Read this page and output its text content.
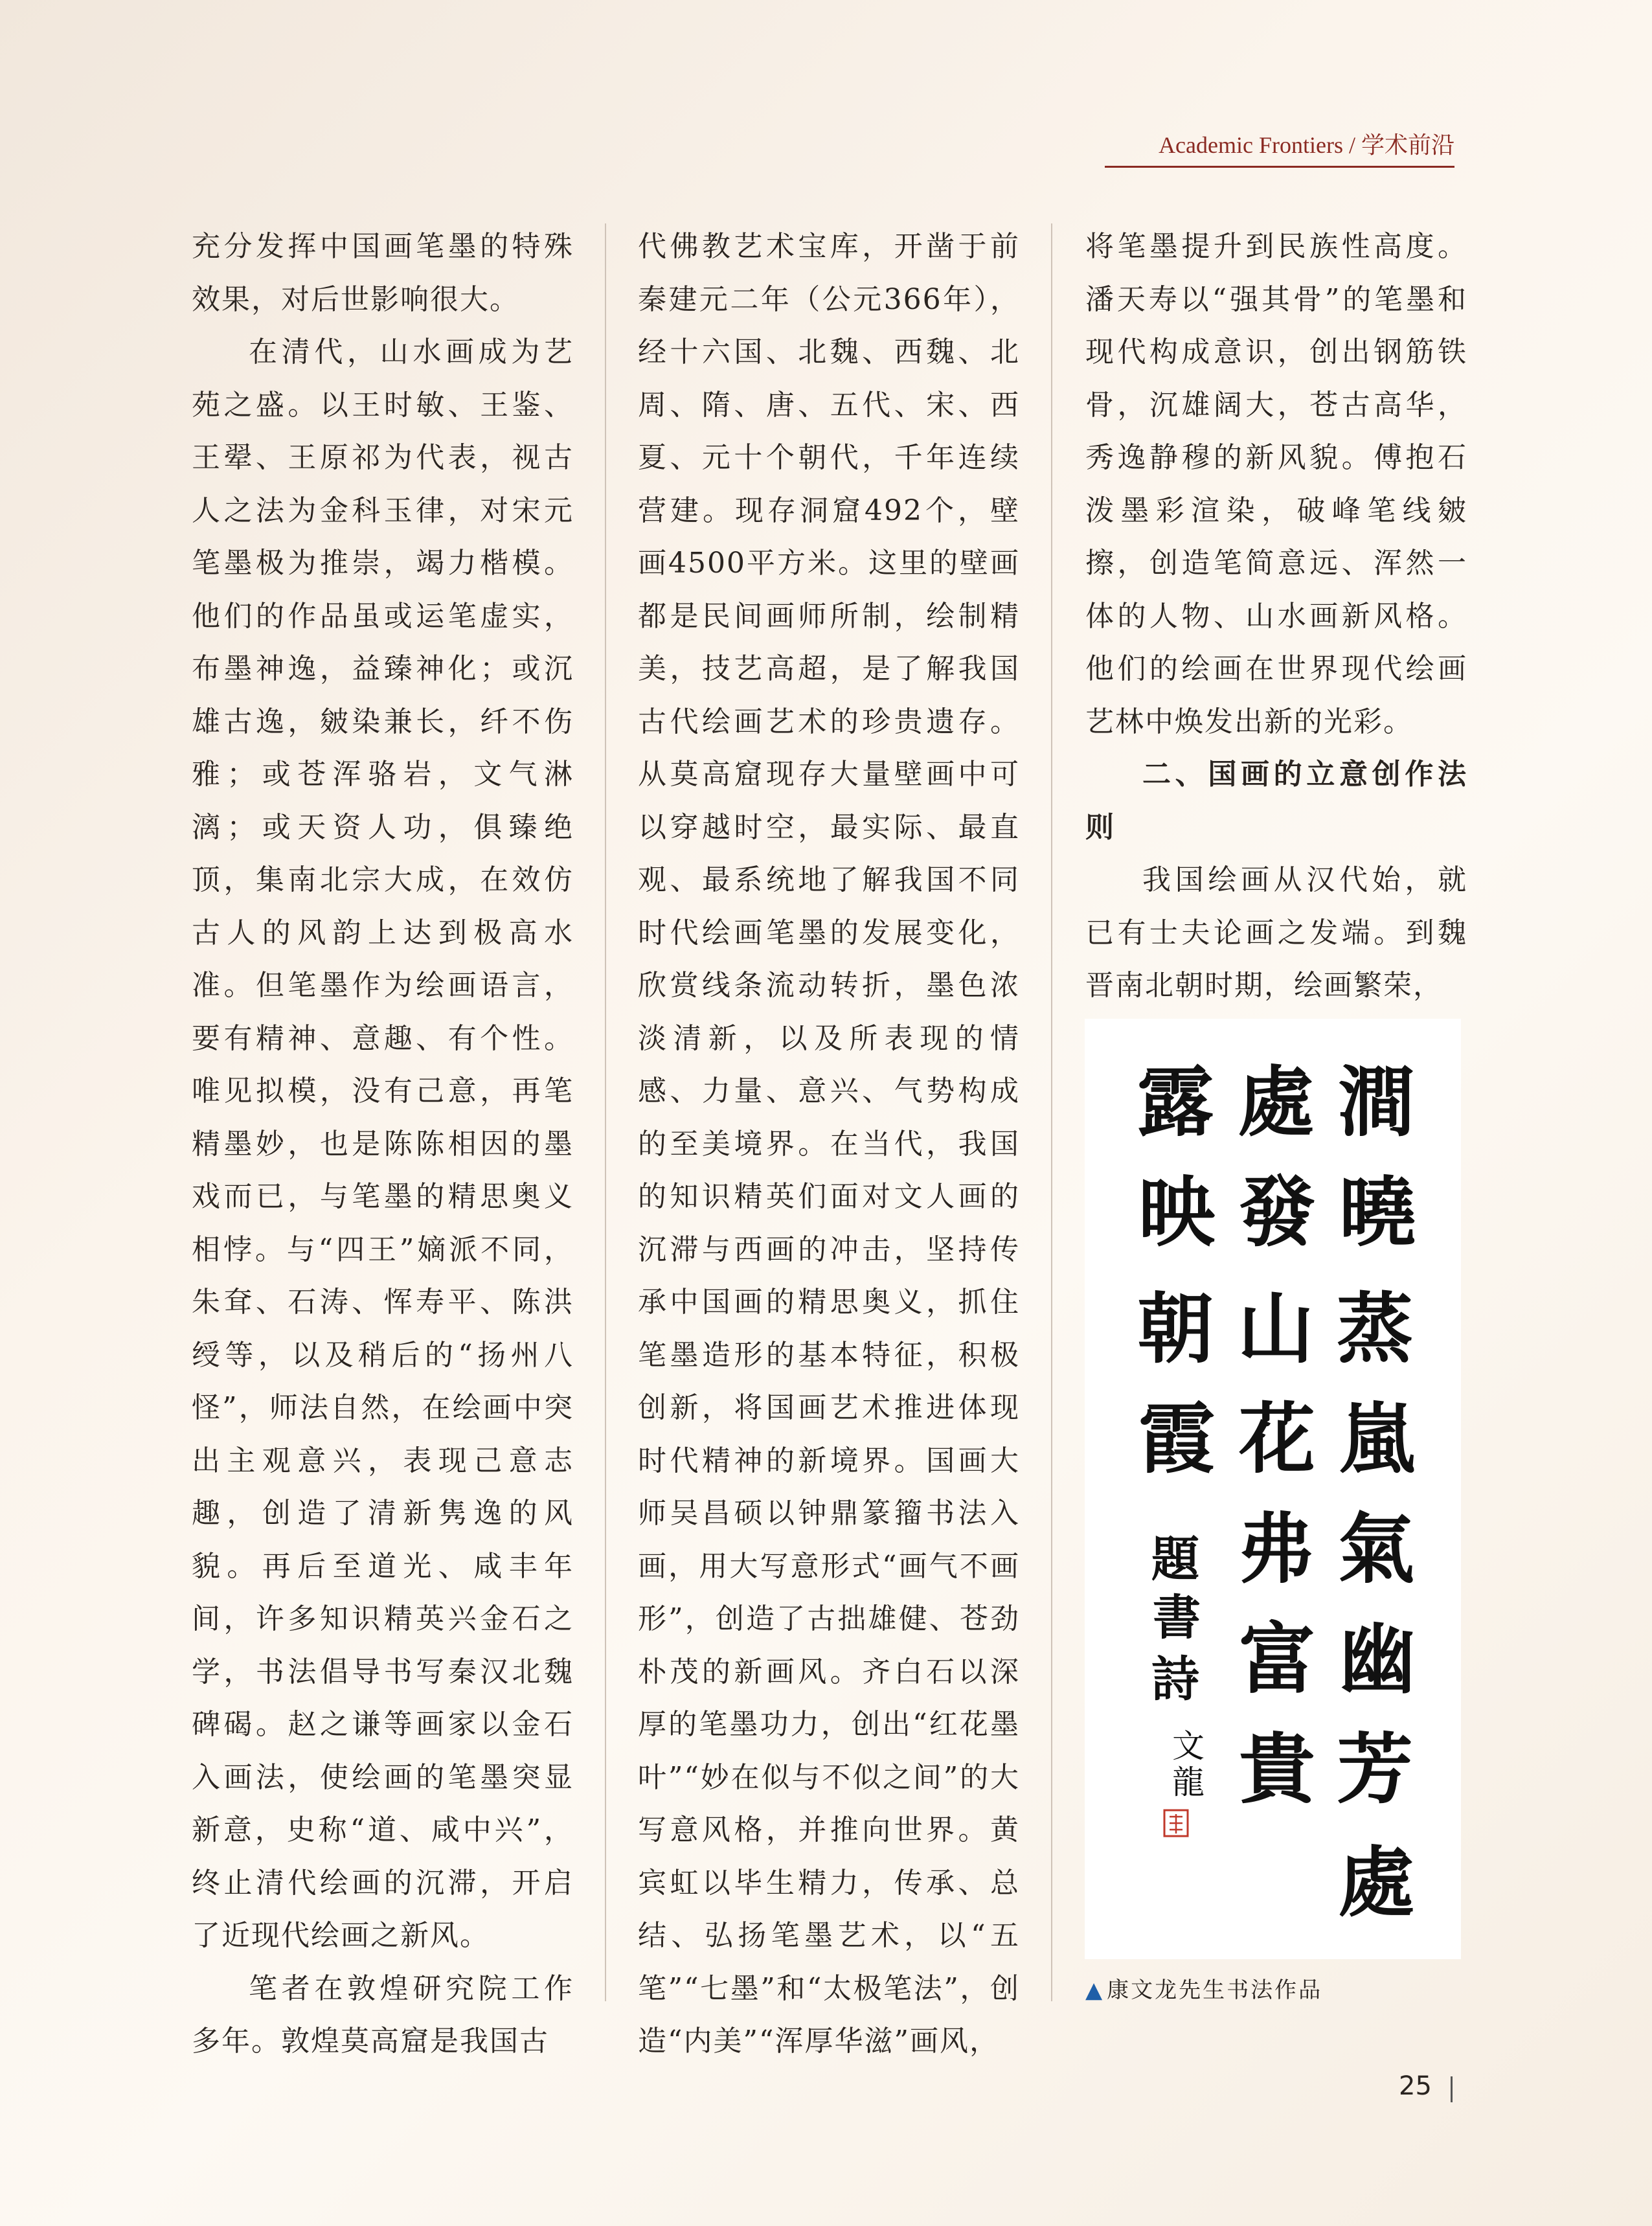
Academic Frontiers / 学术前沿

充分发挥中国画笔墨的特殊效果，对后世影响很大。

在清代，山水画成为艺苑之盛。以王时敏、王鉴、王翚、王原祁为代表，视古人之法为金科玉律，对宋元笔墨极为推崇，竭力楷模。他们的作品虽或运笔虚实，布墨神逸，益臻神化；或沉雄古逸，皴染兼长，纤不伤雅；或苍浑骆岩，文气淋漓；或天资人功，俱臻绝顶，集南北宗大成，在效仿古人的风韵上达到极高水准。但笔墨作为绘画语言，要有精神、意趣、有个性。唯见拟模，没有己意，再笔精墨妙，也是陈陈相因的墨戏而已，与笔墨的精思奥义相悖。与“四王”嫡派不同，朱耷、石涛、恽寿平、陈洪绶等，以及稍后的“扬州八怪”，师法自然，在绘画中突出主观意兴，表现己意志趣，创造了清新隽逸的风貌。再后至道光、咸丰年间，许多知识精英兴金石之学，书法倡导书写秦汉北魏碑碣。赵之谦等画家以金石入画法，使绘画的笔墨突显新意，史称“道、咸中兴”，终止清代绘画的沉滞，开启了近现代绘画之新风。

笔者在敦煌研究院工作多年。敦煌莫高窟是我国古

代佛教艺术宝库，开凿于前秦建元二年（公元366年），经十六国、北魏、西魏、北周、隋、唐、五代、宋、西夏、元十个朝代，千年连续营建。现存洞窟492个，壁画4500平方米。这里的壁画都是民间画师所制，绘制精美，技艺高超，是了解我国古代绘画艺术的珍贵遗存。从莫高窟现存大量壁画中可以穿越时空，最实际、最直观、最系统地了解我国不同时代绘画笔墨的发展变化，欣赏线条流动转折，墨色浓淡清新，以及所表现的情感、力量、意兴、气势构成的至美境界。在当代，我国的知识精英们面对文人画的沉滞与西画的冲击，坚持传承中国画的精思奥义，抓住笔墨造形的基本特征，积极创新，将国画艺术推进体现时代精神的新境界。国画大师吴昌硕以钟鼎篆籀书法入画，用大写意形式“画气不画形”，创造了古拙雄健、苍劲朴茂的新画风。齐白石以深厚的笔墨功力，创出“红花墨叶”“妙在似与不似之间”的大写意风格，并推向世界。黄宾虹以毕生精力，传承、总结、弘扬笔墨艺术，以“五笔”“七墨”和“太极笔法”，创造“内美”“浑厚华滋”画风，

将笔墨提升到民族性高度。潘天寿以“强其骨”的笔墨和现代构成意识，创出钢筋铁骨，沉雄阔大，苍古高华，秀逸静穆的新风貌。傅抱石泼墨彩渲染，破峰笔线皴擦，创造笔简意远、浑然一体的人物、山水画新风格。他们的绘画在世界现代绘画艺林中焕发出新的光彩。

二、国画的立意创作法则

我国绘画从汉代始，就已有士夫论画之发端。到魏晋南北朝时期，绘画繁荣，

澗
曉
蒸
嵐
氣
幽
芳
處
處
發
山
花
弗
富
貴
露
映
朝
霞
題
書
詩
文
龍
▲ 康文龙先生书法作品
25
